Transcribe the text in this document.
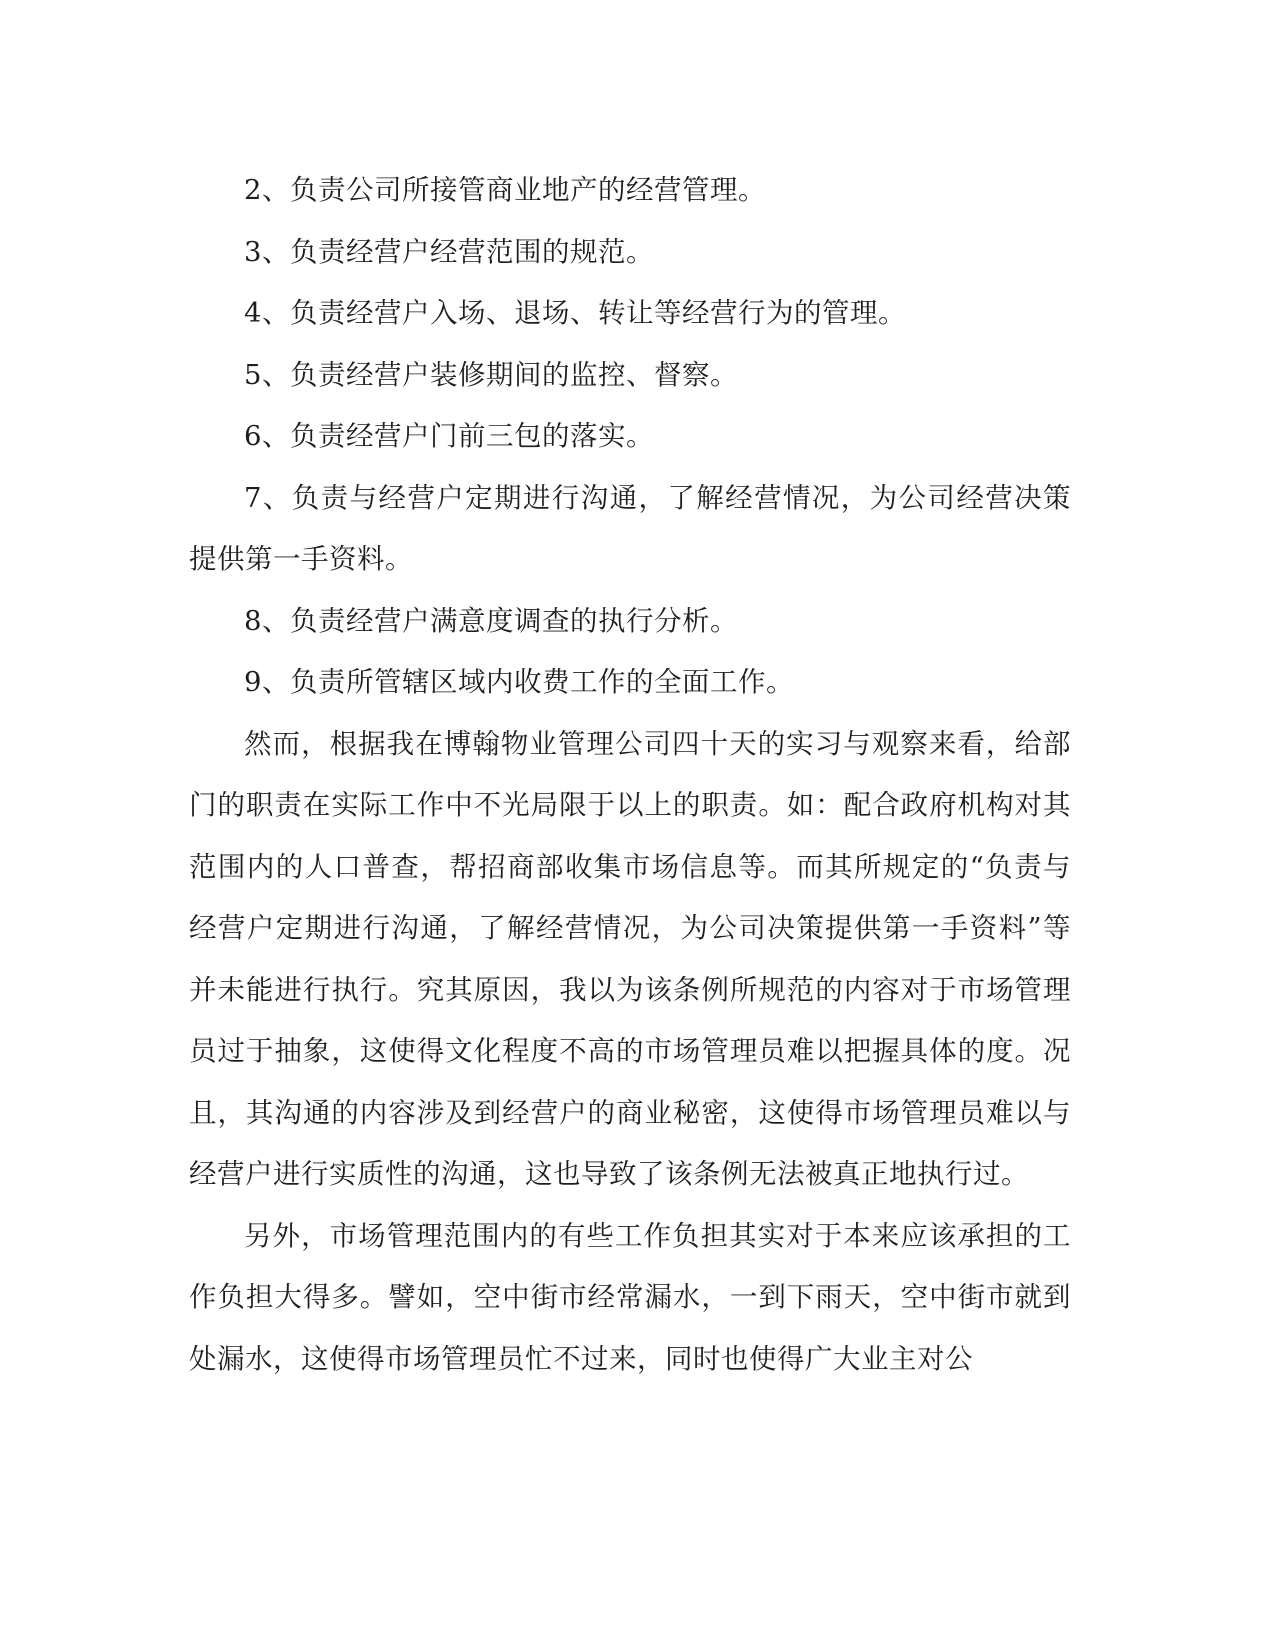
2、负责公司所接管商业地产的经营管理。

3、负责经营户经营范围的规范。

4、负责经营户入场、退场、转让等经营行为的管理。

5、负责经营户装修期间的监控、督察。

6、负责经营户门前三包的落实。

7、负责与经营户定期进行沟通，了解经营情况，为公司经营决策提供第一手资料。

8、负责经营户满意度调查的执行分析。

9、负责所管辖区域内收费工作的全面工作。

然而，根据我在博翰物业管理公司四十天的实习与观察来看，给部门的职责在实际工作中不光局限于以上的职责。如：配合政府机构对其范围内的人口普查，帮招商部收集市场信息等。而其所规定的“负责与经营户定期进行沟通，了解经营情况，为公司决策提供第一手资料”等并未能进行执行。究其原因，我以为该条例所规范的内容对于市场管理员过于抽象，这使得文化程度不高的市场管理员难以把握具体的度。况且，其沟通的内容涉及到经营户的商业秘密，这使得市场管理员难以与经营户进行实质性的沟通，这也导致了该条例无法被真正地执行过。

另外，市场管理范围内的有些工作负担其实对于本来应该承担的工作负担大得多。譬如，空中街市经常漏水，一到下雨天，空中街市就到处漏水，这使得市场管理员忙不过来，同时也使得广大业主对公
